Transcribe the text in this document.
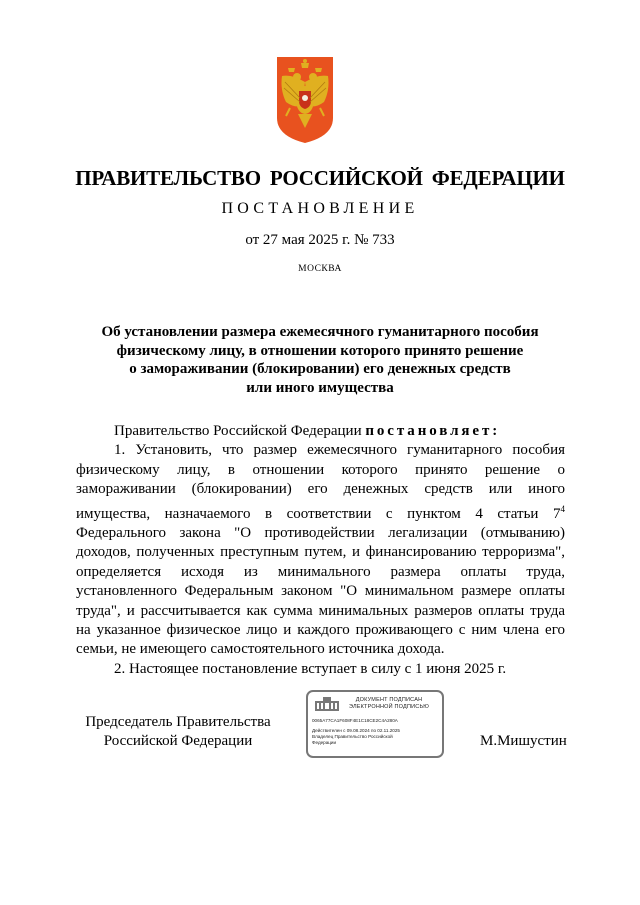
ПРАВИТЕЛЬСТВО РОССИЙСКОЙ ФЕДЕРАЦИИ
ПОСТАНОВЛЕНИЕ
от 27 мая 2025 г. № 733
МОСКВА
Об установлении размера ежемесячного гуманитарного пособия
физическому лицу, в отношении которого принято решение
о замораживании (блокировании) его денежных средств
или иного имущества

Правительство Российской Федерации постановляет:

1. Установить, что размер ежемесячного гуманитарного пособия физическому лицу, в отношении которого принято решение о замораживании (блокировании) его денежных средств или иного имущества, назначаемого в соответствии с пунктом 4 статьи $7^4$ Федерального закона "О противодействии легализации (отмыванию) доходов, полученных преступным путем, и финансированию терроризма", определяется исходя из минимального размера оплаты труда, установленного Федеральным законом "О минимальном размере оплаты труда", и рассчитывается как сумма минимальных размеров оплаты труда на указанное физическое лицо и каждого проживающего с ним члена его семьи, не имеющего самостоятельного источника дохода.

2. Настоящее постановление вступает в силу с 1 июня 2025 г.

Председатель Правительства
Российской Федерации
ДОКУМЕНТ ПОДПИСАН
ЭЛЕКТРОННОЙ ПОДПИСЬЮ
0065A77CA1F608F4E1C18CE2C4A280A
Действителен с 09.08.2024 по 02.11.2025
Владелец Правительство Российской
Федерации	М.Мишустин
